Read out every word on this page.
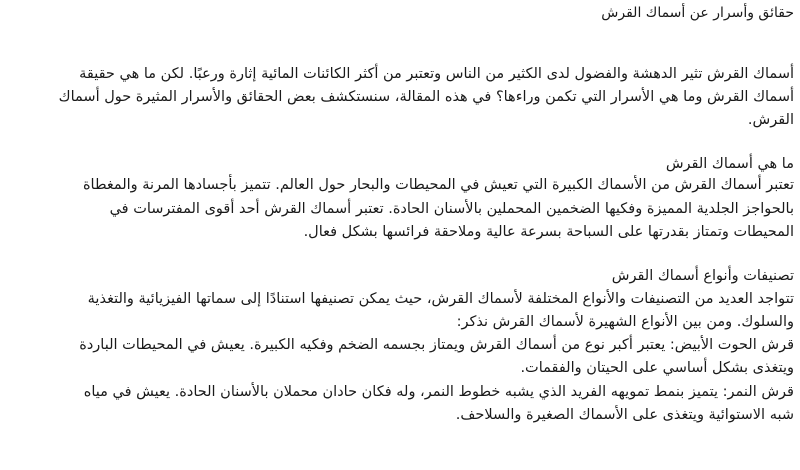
حقائق وأسرار عن أسماك القرش
أسماك القرش تثير الدهشة والفضول لدى الكثير من الناس وتعتبر من أكثر الكائنات المائية إثارة ورعبًا. لكن ما هي حقيقة
أسماك القرش وما هي الأسرار التي تكمن وراءها؟ في هذه المقالة، سنستكشف بعض الحقائق والأسرار المثيرة حول أسماك
القرش.
ما هي أسماك القرش
تعتبر أسماك القرش من الأسماك الكبيرة التي تعيش في المحيطات والبحار حول العالم. تتميز بأجسادها المرنة والمغطاة
بالحواجز الجلدية المميزة وفكيها الضخمين المحملين بالأسنان الحادة. تعتبر أسماك القرش أحد أقوى المفترسات في
المحيطات وتمتاز بقدرتها على السباحة بسرعة عالية وملاحقة فرائسها بشكل فعال.
تصنيفات وأنواع أسماك القرش
تتواجد العديد من التصنيفات والأنواع المختلفة لأسماك القرش، حيث يمكن تصنيفها استنادًا إلى سماتها الفيزيائية والتغذية
والسلوك. ومن بين الأنواع الشهيرة لأسماك القرش نذكر:
قرش الحوت الأبيض: يعتبر أكبر نوع من أسماك القرش ويمتاز بجسمه الضخم وفكيه الكبيرة. يعيش في المحيطات الباردة
ويتغذى بشكل أساسي على الحيتان والفقمات.
قرش النمر: يتميز بنمط تمويهه الفريد الذي يشبه خطوط النمر، وله فكان حادان محملان بالأسنان الحادة. يعيش في مياه
شبه الاستوائية ويتغذى على الأسماك الصغيرة والسلاحف.
